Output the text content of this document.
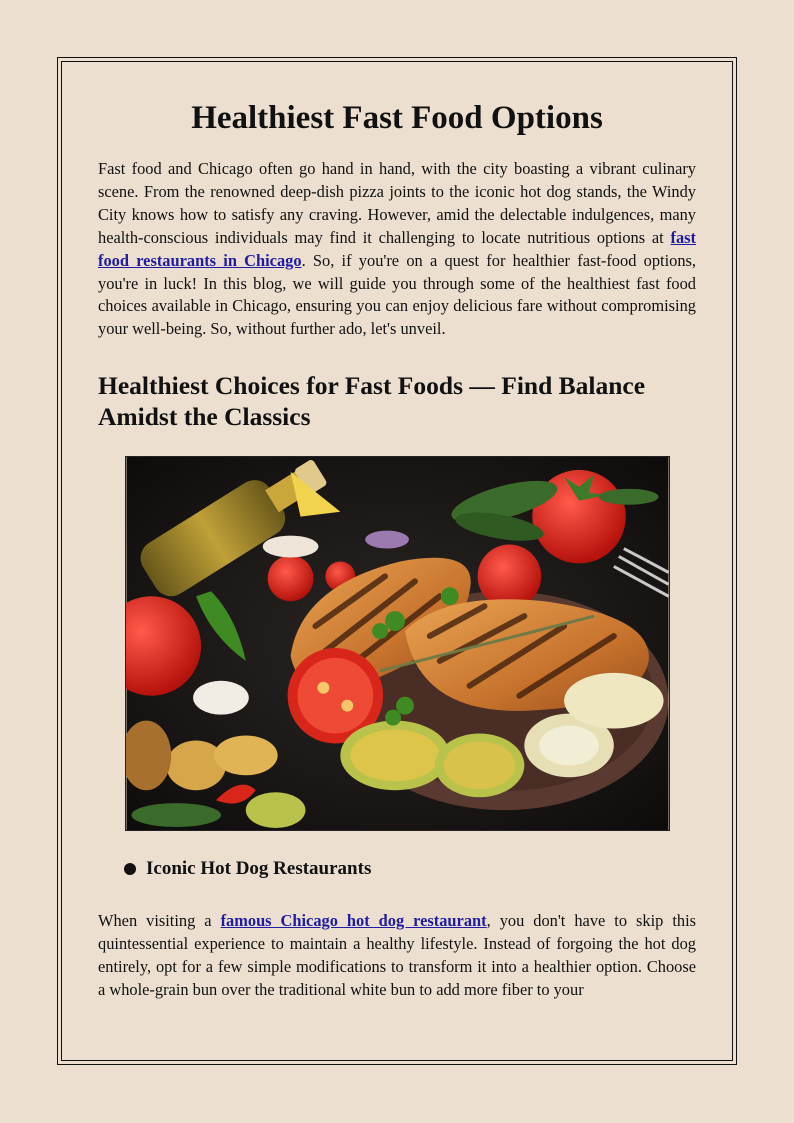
Healthiest Fast Food Options

Fast food and Chicago often go hand in hand, with the city boasting a vibrant culinary scene. From the renowned deep-dish pizza joints to the iconic hot dog stands, the Windy City knows how to satisfy any craving. However, amid the delectable indulgences, many health-conscious individuals may find it challenging to locate nutritious options at fast food restaurants in Chicago. So, if you're on a quest for healthier fast-food options, you're in luck! In this blog, we will guide you through some of the healthiest fast food choices available in Chicago, ensuring you can enjoy delicious fare without compromising your well-being. So, without further ado, let's unveil.

Healthiest Choices for Fast Foods — Find Balance Amidst the Classics
Iconic Hot Dog Restaurants

When visiting a famous Chicago hot dog restaurant, you don't have to skip this quintessential experience to maintain a healthy lifestyle. Instead of forgoing the hot dog entirely, opt for a few simple modifications to transform it into a healthier option. Choose a whole-grain bun over the traditional white bun to add more fiber to your
